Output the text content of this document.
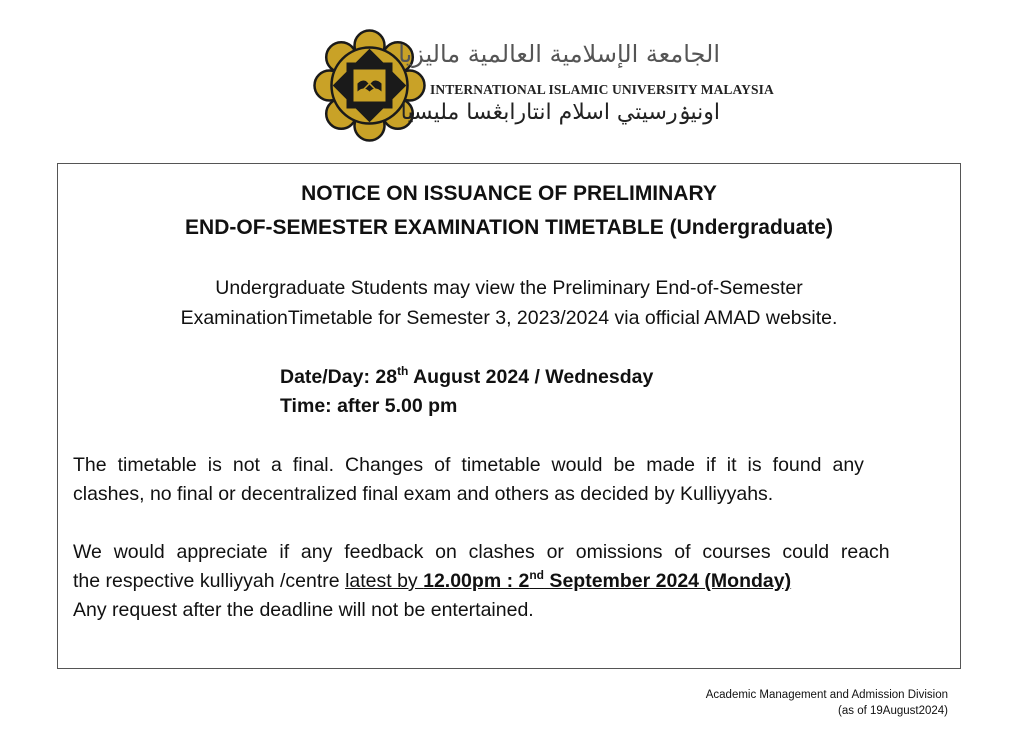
الجامعة الإسلامية العالمية ماليزيا
INTERNATIONAL ISLAMIC UNIVERSITY MALAYSIA
اونيۏرسيتي اسلام انتارابڠسا مليسيا
NOTICE ON ISSUANCE OF PRELIMINARY
END-OF-SEMESTER EXAMINATION TIMETABLE (Undergraduate)
Undergraduate Students may view the Preliminary End-of-Semester
ExaminationTimetable for Semester 3, 2023/2024 via official AMAD website.
Date/Day: 28th August 2024 / Wednesday
Time: after 5.00 pm
The timetable is not a final. Changes of timetable would be made if it is found any
clashes, no final or decentralized final exam and others as decided by Kulliyyahs.
We would appreciate if any feedback on clashes or omissions of courses could reach
the respective kulliyyah /centre latest by 12.00pm : 2nd September 2024 (Monday)
Any request after the deadline will not be entertained.
Academic Management and Admission Division
(as of 19August2024)
